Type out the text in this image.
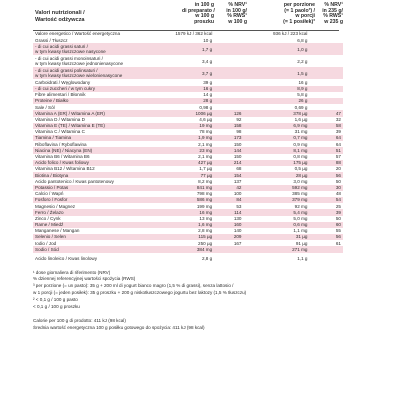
Valori nutrizionali /
Wartość odżywcza
in 100 g
di preparato /
w 100 g
proszku
% NRV¹
in 100 g/
% RWS¹
w 100 g
per porzione
(= 1 paolo³) /
w porcji
(= 1 posiłek)³
% NRV¹
in 235 g/
% RWS¹
w 235 g
Valore energetico / Wartość energetyczna	1579 kJ / 362 kcal		936 kJ / 223 kcal	
Grassi / Tłuszcz	10 g		6,8 g	
- di cui acidi grassi saturi /
w tym kwasy tłuszczowe nasycone	1,7 g		1,0 g	
- di cui acidi grassi monoinsaturi /
w tym kwasy tłuszczowe jednonienasycone	3,4 g		2,2 g	
- di cui acidi grassi polinsaturi /
w tym kwasy tłuszczowe wielonienasycone	3,7 g		1,5 g	
Carboidrati / Węglowodany	39 g		16 g	
- di cui zuccheri / w tym cukry	16 g		8,9 g	
Fibre alimentari / Błonnik	14 g		5,8 g	
Proteine / Białko	28 g		26 g	
Sale / Sól	0,98 g		0,69 g	
Vitamina A (ER) / Witamina A (ER)	1006 µg	126	378 µg	47
Vitamina D / Witamina D	4,6 µg	92	1,6 µg	32
Vitamina E (TE) / Witamina E (TE)	19 mg	158	6,9 mg	58
Vitamina C / Witamina C	78 mg	98	31 mg	39
Tiamina / Tiamina	1,9 mg	173	0,7 mg	64
Riboflavina / Ryboflawina	2,1 mg	150	0,9 mg	64
Niacina (NE) / Niacyna (EN)	23 mg	144	8,1 mg	51
Vitamina B6 / Witamina B6	2,1 mg	150	0,8 mg	57
Acido folico / Kwas foliowy	427 µg	214	175 µg	88
Vitamina B12 / Witamina B12	1,7 µg	68	0,5 µg	20
Biotina / Biotyna	77 µg	154	28 µg	56
Acido pantotenico / Kwas pantotenowy	8,2 mg	137	3,0 mg	50
Potassio / Potas	841 mg	42	592 mg	30
Calcio / Wapń	798 mg	100	385 mg	48
Fosforo / Fosfor	586 mg	84	379 mg	54
Magnesio / Magnez	199 mg	53	92 mg	25
Ferro / Żelazo	16 mg	114	5,4 mg	39
Zinco / Cynk	13 mg	130	5,0 mg	50
Rame / Miedź	1,6 mg	160	0,6 mg	60
Manganese / Mangan	2,8 mg	140	1,1 mg	55
Selenio / Selen	115 µg	209	31 µg	56
Iodio / Jod	250 µg	167	91 µg	61
Sodio / Sód	384 mg		271 mg	
Acido linoleico / Kwas linolowy	2,8 g		1,1 g	
¹ dose giornaliera di riferimento (NRV)
% dziennej referencyjnej wartości spożycia (RWS)
³ per porzione (= un pasto): 35 g + 200 ml di yogurt bianco magro (1,5 % di grassi), senza lattosio /
w 1 porcji (= jeden posiłek): 35 g proszku + 200 g niskotłuszczowego jogurtu bez laktozy (1,5 % tłuszczu)
² < 0,1 g / 100 g pasto
< 0,1 g / 100 g proszku
Calorie per 100 g di prodotto: 411 kJ (98 kcal)
Średnia wartość energetyczna 100 g posiłku gotowego do spożycia: 411 kJ (98 kcal)
